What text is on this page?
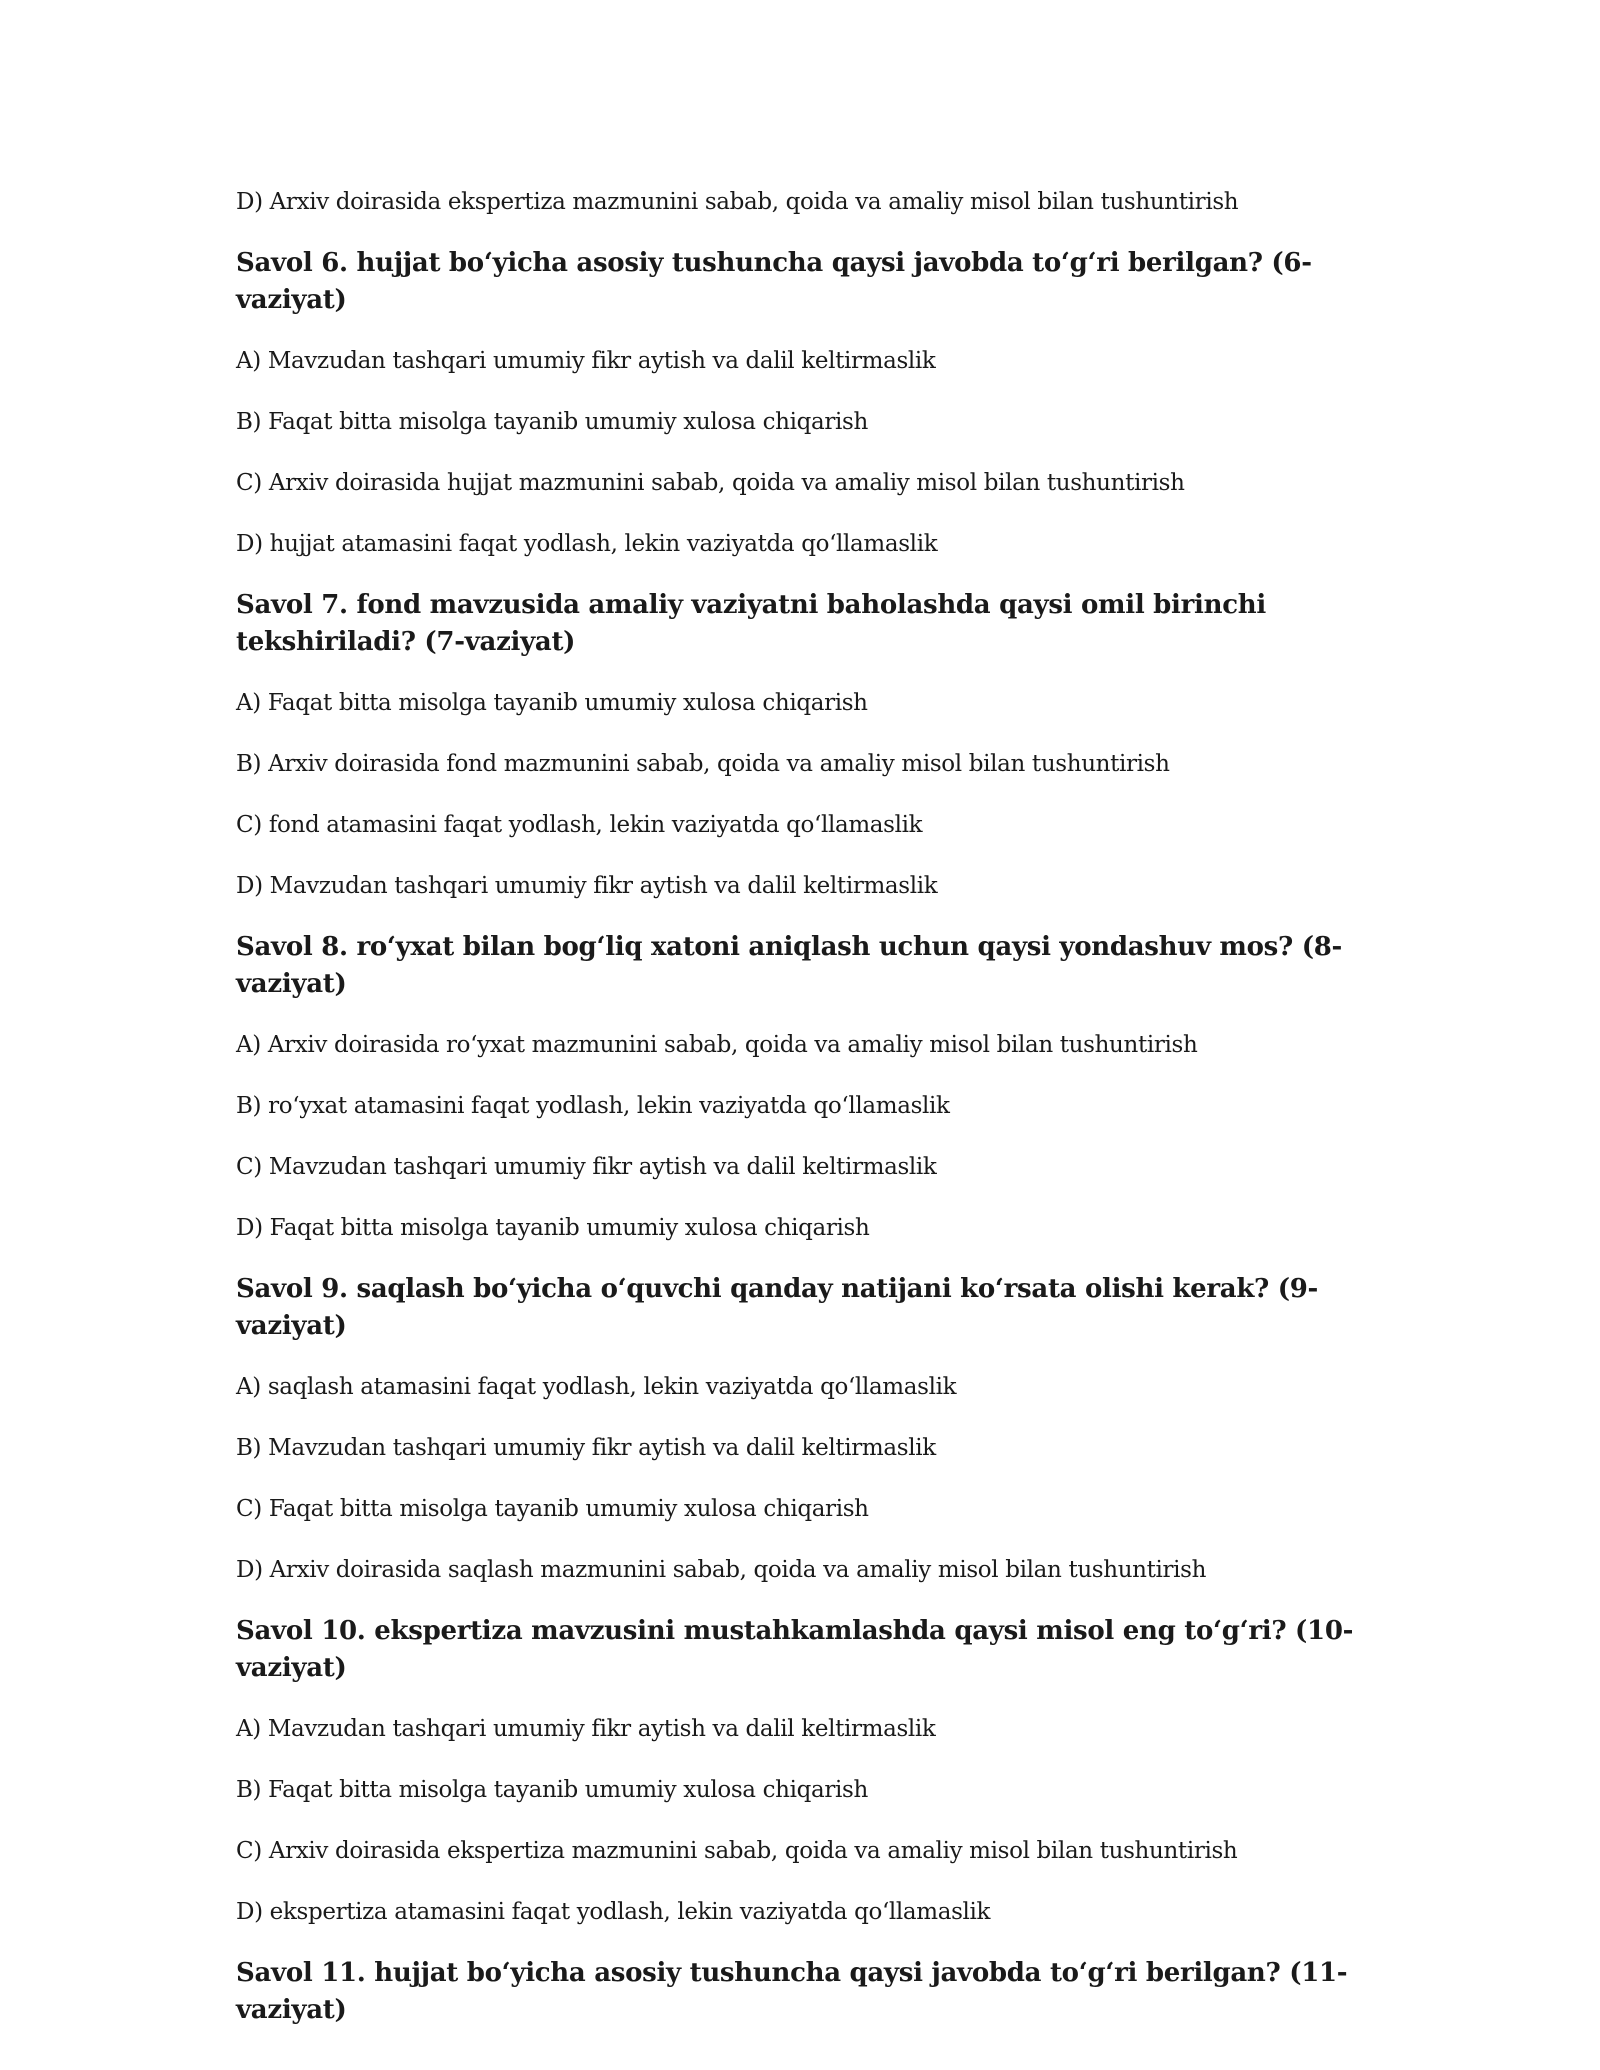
D) Arxiv doirasida ekspertiza mazmunini sabab, qoida va amaliy misol bilan tushuntirish

Savol 6. hujjat bo‘yicha asosiy tushuncha qaysi javobda to‘g‘ri berilgan? (6-vaziyat)

A) Mavzudan tashqari umumiy fikr aytish va dalil keltirmaslik

B) Faqat bitta misolga tayanib umumiy xulosa chiqarish

C) Arxiv doirasida hujjat mazmunini sabab, qoida va amaliy misol bilan tushuntirish

D) hujjat atamasini faqat yodlash, lekin vaziyatda qo‘llamaslik

Savol 7. fond mavzusida amaliy vaziyatni baholashda qaysi omil birinchi tekshiriladi? (7-vaziyat)

A) Faqat bitta misolga tayanib umumiy xulosa chiqarish

B) Arxiv doirasida fond mazmunini sabab, qoida va amaliy misol bilan tushuntirish

C) fond atamasini faqat yodlash, lekin vaziyatda qo‘llamaslik

D) Mavzudan tashqari umumiy fikr aytish va dalil keltirmaslik

Savol 8. ro‘yxat bilan bog‘liq xatoni aniqlash uchun qaysi yondashuv mos? (8-vaziyat)

A) Arxiv doirasida ro‘yxat mazmunini sabab, qoida va amaliy misol bilan tushuntirish

B) ro‘yxat atamasini faqat yodlash, lekin vaziyatda qo‘llamaslik

C) Mavzudan tashqari umumiy fikr aytish va dalil keltirmaslik

D) Faqat bitta misolga tayanib umumiy xulosa chiqarish

Savol 9. saqlash bo‘yicha o‘quvchi qanday natijani ko‘rsata olishi kerak? (9-vaziyat)

A) saqlash atamasini faqat yodlash, lekin vaziyatda qo‘llamaslik

B) Mavzudan tashqari umumiy fikr aytish va dalil keltirmaslik

C) Faqat bitta misolga tayanib umumiy xulosa chiqarish

D) Arxiv doirasida saqlash mazmunini sabab, qoida va amaliy misol bilan tushuntirish

Savol 10. ekspertiza mavzusini mustahkamlashda qaysi misol eng to‘g‘ri? (10-vaziyat)

A) Mavzudan tashqari umumiy fikr aytish va dalil keltirmaslik

B) Faqat bitta misolga tayanib umumiy xulosa chiqarish

C) Arxiv doirasida ekspertiza mazmunini sabab, qoida va amaliy misol bilan tushuntirish

D) ekspertiza atamasini faqat yodlash, lekin vaziyatda qo‘llamaslik

Savol 11. hujjat bo‘yicha asosiy tushuncha qaysi javobda to‘g‘ri berilgan? (11-vaziyat)
